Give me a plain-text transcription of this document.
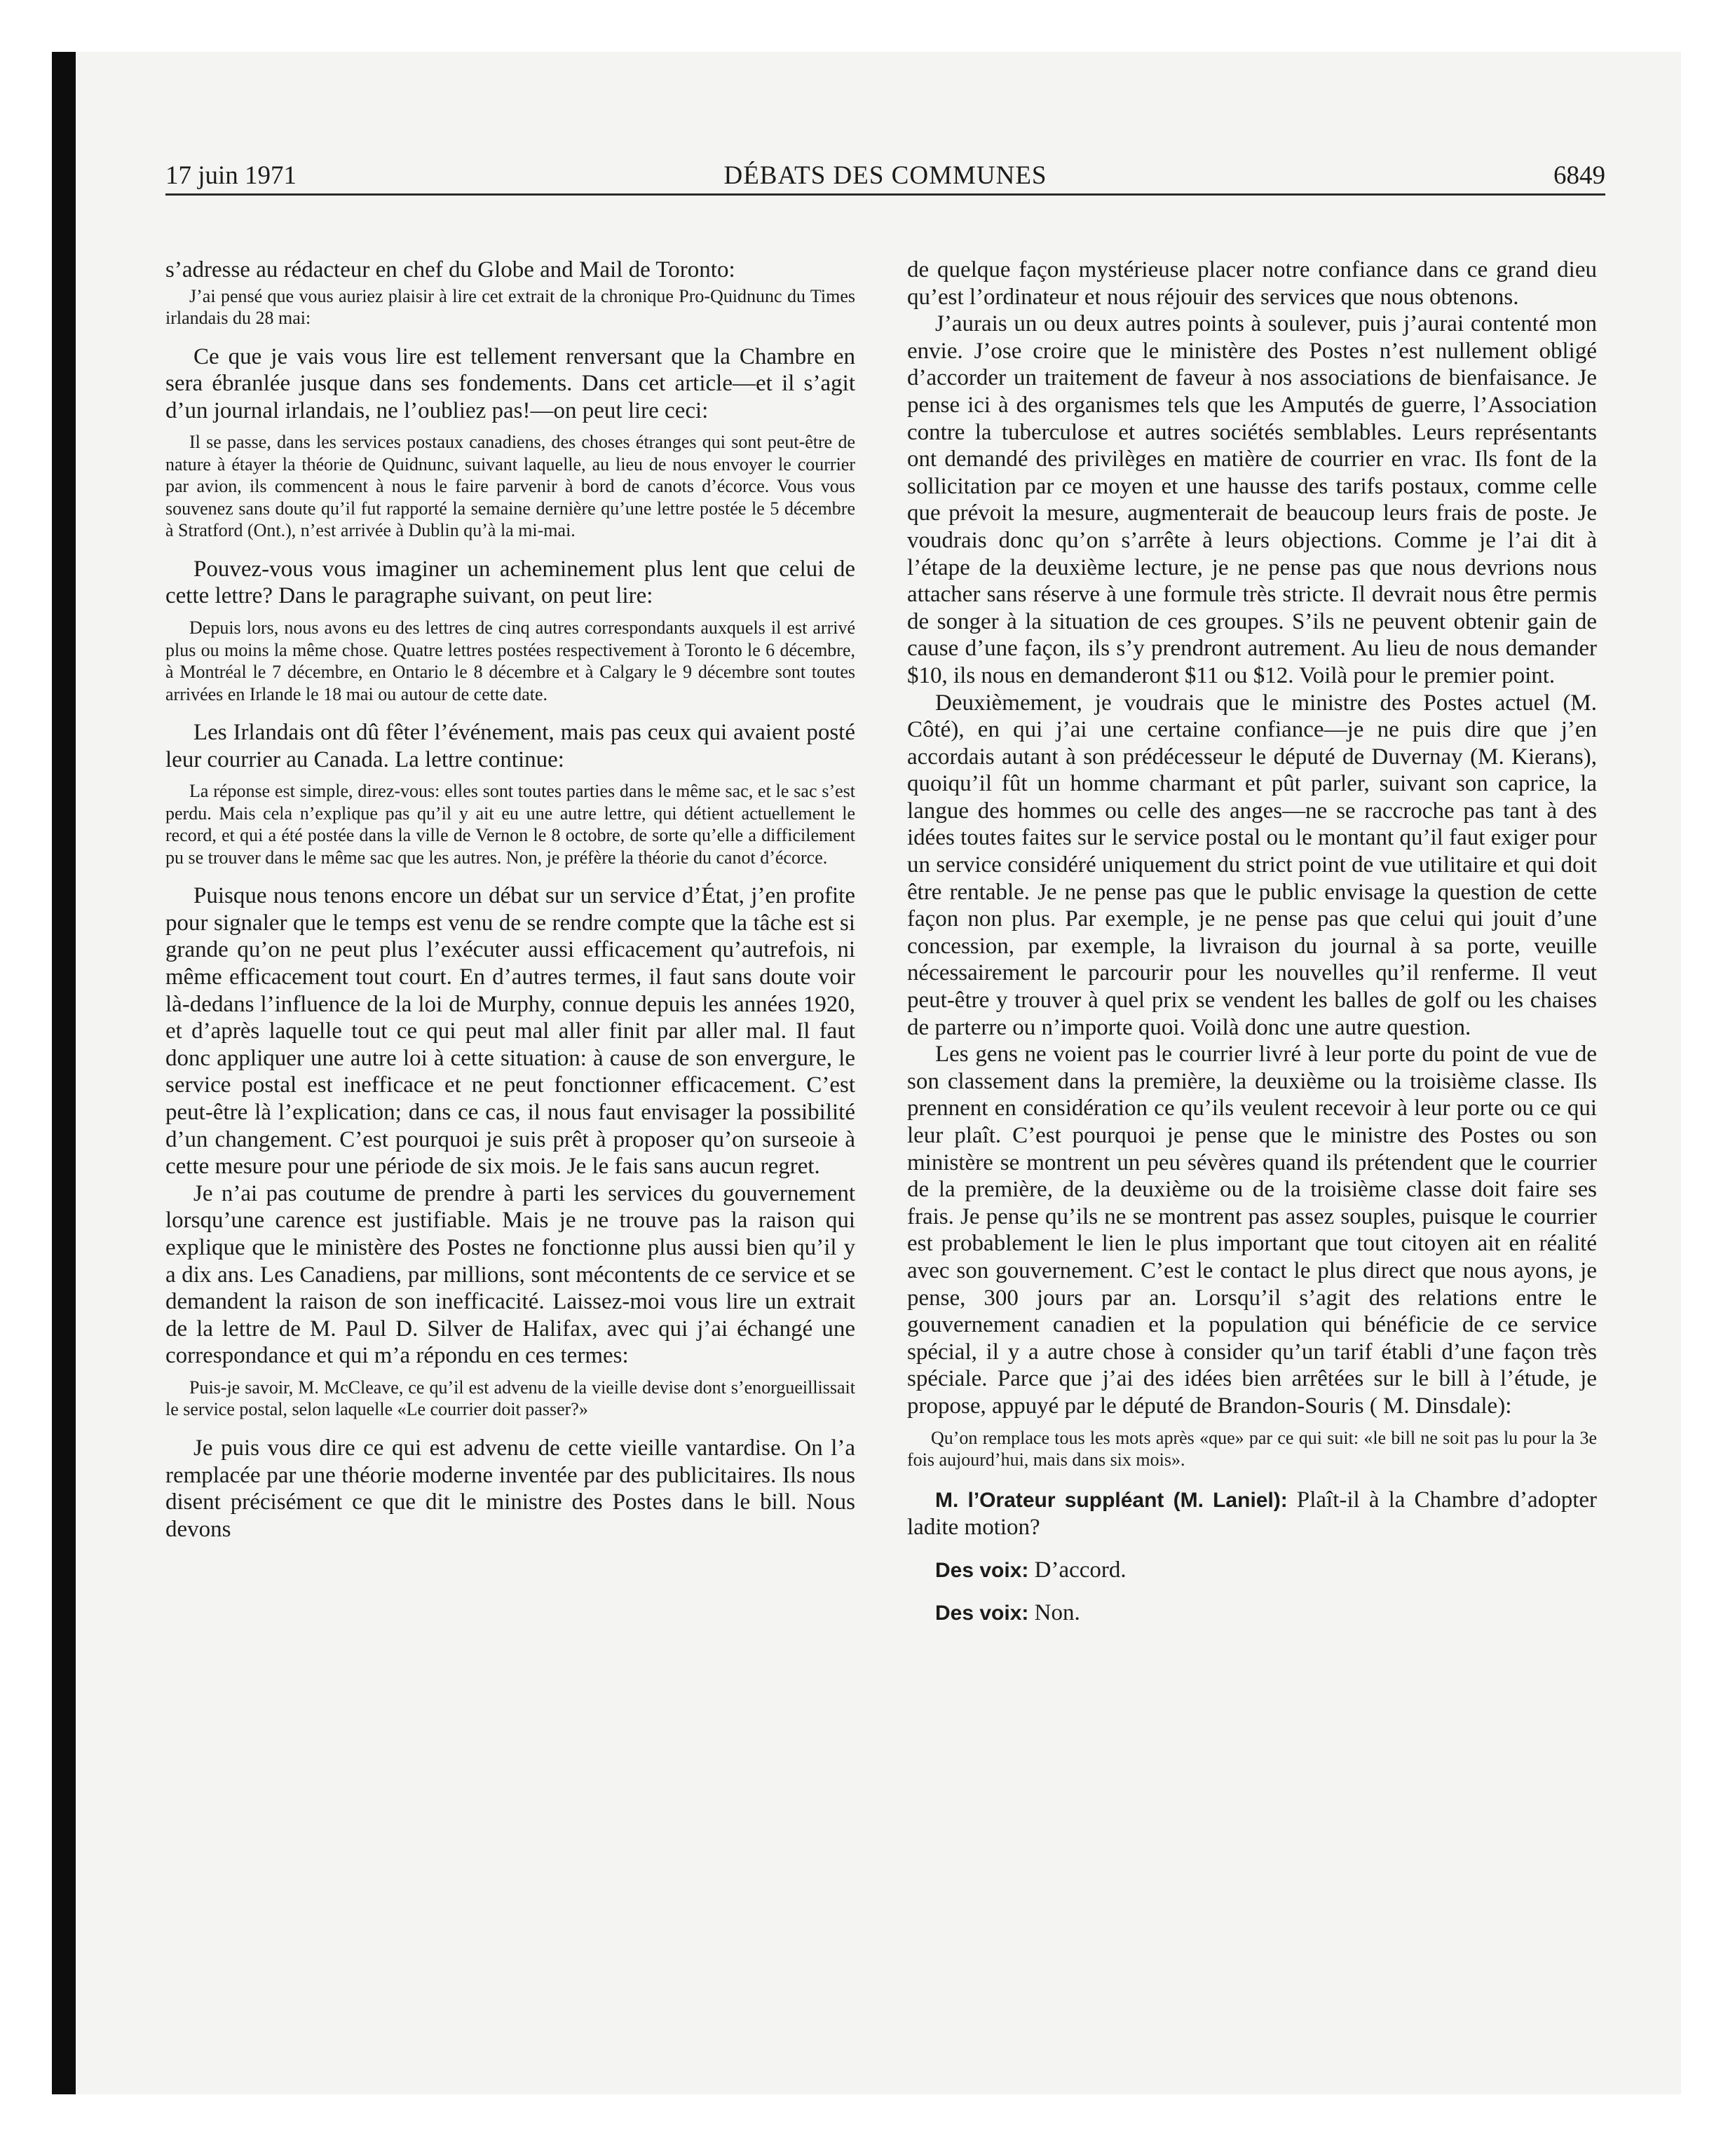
17 juin 1971	DÉBATS DES COMMUNES	6849

s’adresse au rédacteur en chef du Globe and Mail de Toronto:

J’ai pensé que vous auriez plaisir à lire cet extrait de la chronique Pro-Quidnunc du Times irlandais du 28 mai:

Ce que je vais vous lire est tellement renversant que la Chambre en sera ébranlée jusque dans ses fondements. Dans cet article—et il s’agit d’un journal irlandais, ne l’oubliez pas!—on peut lire ceci:

Il se passe, dans les services postaux canadiens, des choses étranges qui sont peut-être de nature à étayer la théorie de Quidnunc, suivant laquelle, au lieu de nous envoyer le courrier par avion, ils commencent à nous le faire parvenir à bord de canots d’écorce. Vous vous souvenez sans doute qu’il fut rapporté la semaine dernière qu’une lettre postée le 5 décembre à Stratford (Ont.), n’est arrivée à Dublin qu’à la mi-mai.

Pouvez-vous vous imaginer un acheminement plus lent que celui de cette lettre? Dans le paragraphe suivant, on peut lire:

Depuis lors, nous avons eu des lettres de cinq autres correspondants auxquels il est arrivé plus ou moins la même chose. Quatre lettres postées respectivement à Toronto le 6 décembre, à Montréal le 7 décembre, en Ontario le 8 décembre et à Calgary le 9 décembre sont toutes arrivées en Irlande le 18 mai ou autour de cette date.

Les Irlandais ont dû fêter l’événement, mais pas ceux qui avaient posté leur courrier au Canada. La lettre continue:

La réponse est simple, direz-vous: elles sont toutes parties dans le même sac, et le sac s’est perdu. Mais cela n’explique pas qu’il y ait eu une autre lettre, qui détient actuellement le record, et qui a été postée dans la ville de Vernon le 8 octobre, de sorte qu’elle a difficilement pu se trouver dans le même sac que les autres. Non, je préfère la théorie du canot d’écorce.

Puisque nous tenons encore un débat sur un service d’État, j’en profite pour signaler que le temps est venu de se rendre compte que la tâche est si grande qu’on ne peut plus l’exécuter aussi efficacement qu’autrefois, ni même efficacement tout court. En d’autres termes, il faut sans doute voir là-dedans l’influence de la loi de Murphy, connue depuis les années 1920, et d’après laquelle tout ce qui peut mal aller finit par aller mal. Il faut donc appliquer une autre loi à cette situation: à cause de son envergure, le service postal est inefficace et ne peut fonctionner efficacement. C’est peut-être là l’explication; dans ce cas, il nous faut envisager la possibilité d’un changement. C’est pourquoi je suis prêt à proposer qu’on surseoie à cette mesure pour une période de six mois. Je le fais sans aucun regret.

Je n’ai pas coutume de prendre à parti les services du gouvernement lorsqu’une carence est justifiable. Mais je ne trouve pas la raison qui explique que le ministère des Postes ne fonctionne plus aussi bien qu’il y a dix ans. Les Canadiens, par millions, sont mécontents de ce service et se demandent la raison de son inefficacité. Laissez-moi vous lire un extrait de la lettre de M. Paul D. Silver de Halifax, avec qui j’ai échangé une correspondance et qui m’a répondu en ces termes:

Puis-je savoir, M. McCleave, ce qu’il est advenu de la vieille devise dont s’enorgueillissait le service postal, selon laquelle «Le courrier doit passer?»

Je puis vous dire ce qui est advenu de cette vieille vantardise. On l’a remplacée par une théorie moderne inventée par des publicitaires. Ils nous disent précisément ce que dit le ministre des Postes dans le bill. Nous devons

de quelque façon mystérieuse placer notre confiance dans ce grand dieu qu’est l’ordinateur et nous réjouir des services que nous obtenons.

J’aurais un ou deux autres points à soulever, puis j’aurai contenté mon envie. J’ose croire que le ministère des Postes n’est nullement obligé d’accorder un traitement de faveur à nos associations de bienfaisance. Je pense ici à des organismes tels que les Amputés de guerre, l’Association contre la tuberculose et autres sociétés semblables. Leurs représentants ont demandé des privilèges en matière de courrier en vrac. Ils font de la sollicitation par ce moyen et une hausse des tarifs postaux, comme celle que prévoit la mesure, augmenterait de beaucoup leurs frais de poste. Je voudrais donc qu’on s’arrête à leurs objections. Comme je l’ai dit à l’étape de la deuxième lecture, je ne pense pas que nous devrions nous attacher sans réserve à une formule très stricte. Il devrait nous être permis de songer à la situation de ces groupes. S’ils ne peuvent obtenir gain de cause d’une façon, ils s’y prendront autrement. Au lieu de nous demander $10, ils nous en demanderont $11 ou $12. Voilà pour le premier point.

Deuxièmement, je voudrais que le ministre des Postes actuel (M. Côté), en qui j’ai une certaine confiance—je ne puis dire que j’en accordais autant à son prédécesseur le député de Duvernay (M. Kierans), quoiqu’il fût un homme charmant et pût parler, suivant son caprice, la langue des hommes ou celle des anges—ne se raccroche pas tant à des idées toutes faites sur le service postal ou le montant qu’il faut exiger pour un service considéré uniquement du strict point de vue utilitaire et qui doit être rentable. Je ne pense pas que le public envisage la question de cette façon non plus. Par exemple, je ne pense pas que celui qui jouit d’une concession, par exemple, la livraison du journal à sa porte, veuille nécessairement le parcourir pour les nouvelles qu’il renferme. Il veut peut-être y trouver à quel prix se vendent les balles de golf ou les chaises de parterre ou n’importe quoi. Voilà donc une autre question.

Les gens ne voient pas le courrier livré à leur porte du point de vue de son classement dans la première, la deuxième ou la troisième classe. Ils prennent en considération ce qu’ils veulent recevoir à leur porte ou ce qui leur plaît. C’est pourquoi je pense que le ministre des Postes ou son ministère se montrent un peu sévères quand ils prétendent que le courrier de la première, de la deuxième ou de la troisième classe doit faire ses frais. Je pense qu’ils ne se montrent pas assez souples, puisque le courrier est probablement le lien le plus important que tout citoyen ait en réalité avec son gouvernement. C’est le contact le plus direct que nous ayons, je pense, 300 jours par an. Lorsqu’il s’agit des relations entre le gouvernement canadien et la population qui bénéficie de ce service spécial, il y a autre chose à consider qu’un tarif établi d’une façon très spéciale. Parce que j’ai des idées bien arrêtées sur le bill à l’étude, je propose, appuyé par le député de Brandon-Souris ( M. Dinsdale):

Qu’on remplace tous les mots après «que» par ce qui suit: «le bill ne soit pas lu pour la 3e fois aujourd’hui, mais dans six mois».

M. l’Orateur suppléant (M. Laniel): Plaît-il à la Chambre d’adopter ladite motion?

Des voix: D’accord.

Des voix: Non.
